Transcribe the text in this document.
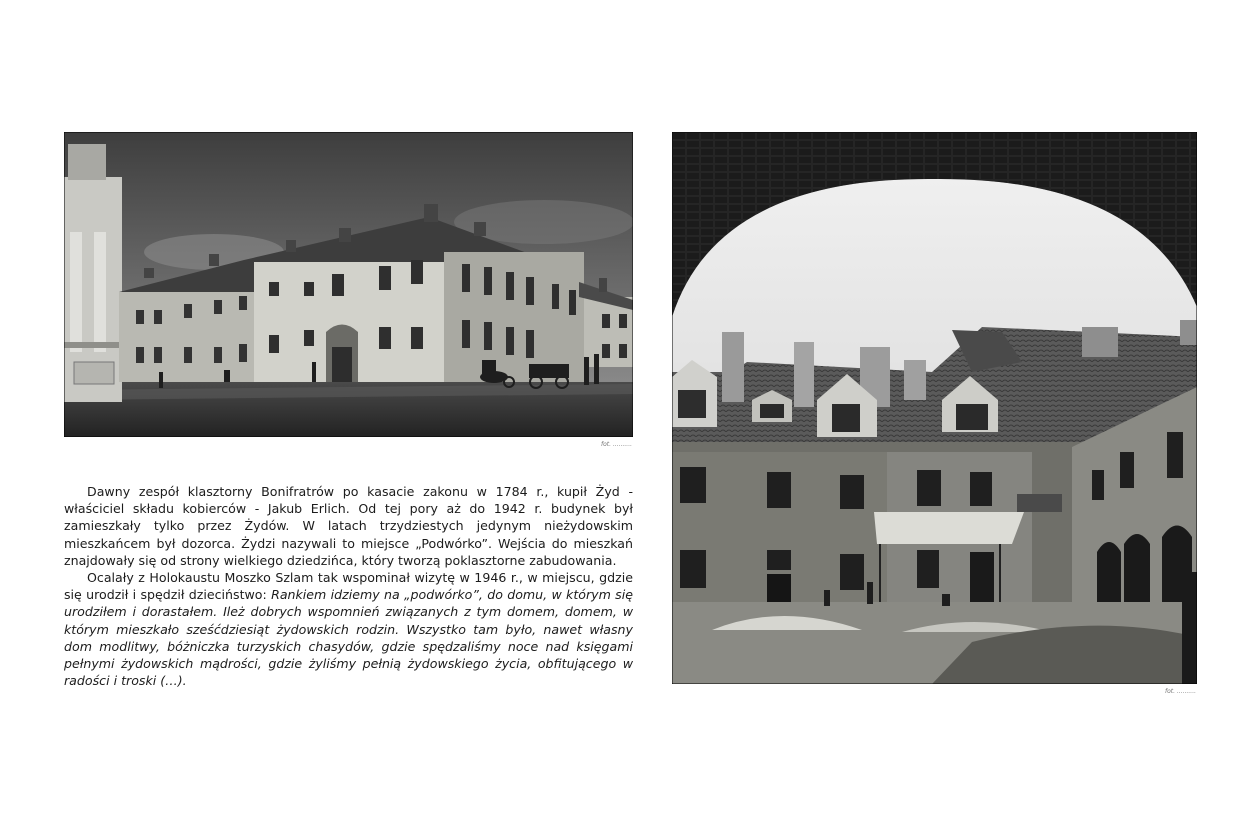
fot. ..........
fot. ..........

Dawny zespół klasztorny Bonifratrów po kasacie zakonu w 1784 r., kupił Żyd - właściciel składu kobierców - Jakub Erlich. Od tej pory aż do 1942 r. budynek był zamieszkały tylko przez Żydów. W latach trzydziestych jedynym nieżydowskim mieszkańcem był dozorca. Żydzi nazywali to miejsce „Podwórko”. Wejścia do mieszkań znajdowały się od strony wielkiego dziedzińca, który tworzą poklasztorne zabudowania.

Ocalały z Holokaustu Moszko Szlam tak wspominał wizytę w 1946 r., w miejscu, gdzie się urodził i spędził dzieciństwo: Rankiem idziemy na „podwórko”, do domu, w którym się urodziłem i dorastałem. Ileż dobrych wspomnień związanych z tym domem, domem, w którym mieszkało sześćdziesiąt żydowskich rodzin. Wszystko tam było, nawet własny dom modlitwy, bóżniczka turzyskich chasydów, gdzie spędzaliśmy noce nad księgami pełnymi żydowskich mądrości, gdzie żyliśmy pełnią żydowskiego życia, obfitującego w radości i troski (…).
